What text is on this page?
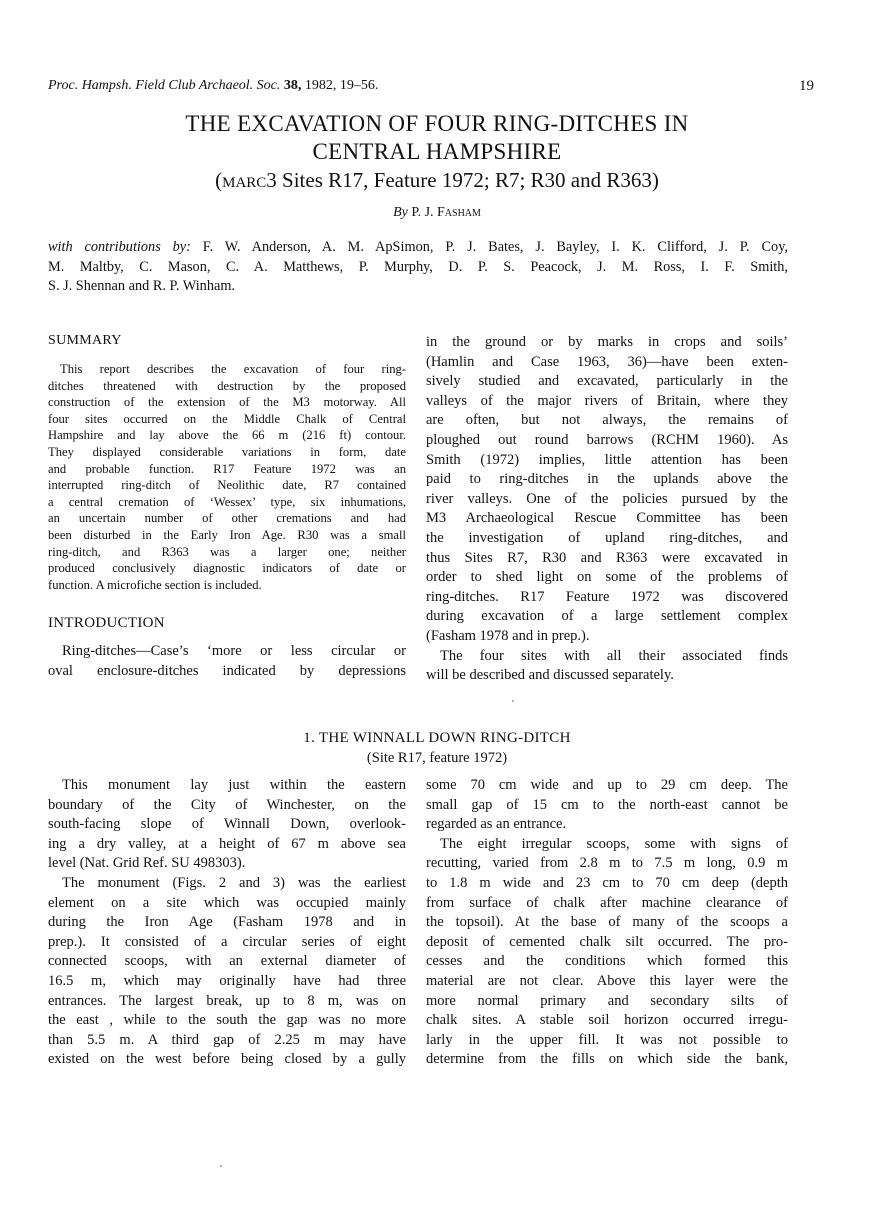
Proc. Hampsh. Field Club Archaeol. Soc. 38, 1982, 19–56.	19
THE EXCAVATION OF FOUR RING-DITCHES IN
CENTRAL HAMPSHIRE
(marc3 Sites R17, Feature 1972; R7; R30 and R363)
By P. J. Fasham
with contributions by: F. W. Anderson, A. M. ApSimon, P. J. Bates, J. Bayley, I. K. Clifford, J. P. Coy,
M. Maltby, C. Mason, C. A. Matthews, P. Murphy, D. P. S. Peacock, J. M. Ross, I. F. Smith,
S. J. Shennan and R. P. Winham.
SUMMARY
This report describes the excavation of four ring-
ditches threatened with destruction by the proposed
construction of the extension of the M3 motorway. All
four sites occurred on the Middle Chalk of Central
Hampshire and lay above the 66 m (216 ft) contour.
They displayed considerable variations in form, date
and probable function. R17 Feature 1972 was an
interrupted ring-ditch of Neolithic date, R7 contained
a central cremation of ‘Wessex’ type, six inhumations,
an uncertain number of other cremations and had
been disturbed in the Early Iron Age. R30 was a small
ring-ditch, and R363 was a larger one; neither
produced conclusively diagnostic indicators of date or
function. A microfiche section is included.
INTRODUCTION
Ring-ditches—Case’s ‘more or less circular or
oval enclosure-ditches indicated by depressions
in the ground or by marks in crops and soils’
(Hamlin and Case 1963, 36)—have been exten-
sively studied and excavated, particularly in the
valleys of the major rivers of Britain, where they
are often, but not always, the remains of
ploughed out round barrows (RCHM 1960). As
Smith (1972) implies, little attention has been
paid to ring-ditches in the uplands above the
river valleys. One of the policies pursued by the
M3 Archaeological Rescue Committee has been
the investigation of upland ring-ditches, and
thus Sites R7, R30 and R363 were excavated in
order to shed light on some of the problems of
ring-ditches. R17 Feature 1972 was discovered
during excavation of a large settlement complex
(Fasham 1978 and in prep.).
The four sites with all their associated finds
will be described and discussed separately.
1. THE WINNALL DOWN RING-DITCH
(Site R17, feature 1972)
This monument lay just within the eastern
boundary of the City of Winchester, on the
south-facing slope of Winnall Down, overlook-
ing a dry valley, at a height of 67 m above sea
level (Nat. Grid Ref. SU 498303).
The monument (Figs. 2 and 3) was the earliest
element on a site which was occupied mainly
during the Iron Age (Fasham 1978 and in
prep.). It consisted of a circular series of eight
connected scoops, with an external diameter of
16.5 m, which may originally have had three
entrances. The largest break, up to 8 m, was on
the east , while to the south the gap was no more
than 5.5 m. A third gap of 2.25 m may have
existed on the west before being closed by a gully
some 70 cm wide and up to 29 cm deep. The
small gap of 15 cm to the north-east cannot be
regarded as an entrance.
The eight irregular scoops, some with signs of
recutting, varied from 2.8 m to 7.5 m long, 0.9 m
to 1.8 m wide and 23 cm to 70 cm deep (depth
from surface of chalk after machine clearance of
the topsoil). At the base of many of the scoops a
deposit of cemented chalk silt occurred. The pro-
cesses and the conditions which formed this
material are not clear. Above this layer were the
more normal primary and secondary silts of
chalk sites. A stable soil horizon occurred irregu-
larly in the upper fill. It was not possible to
determine from the fills on which side the bank,
